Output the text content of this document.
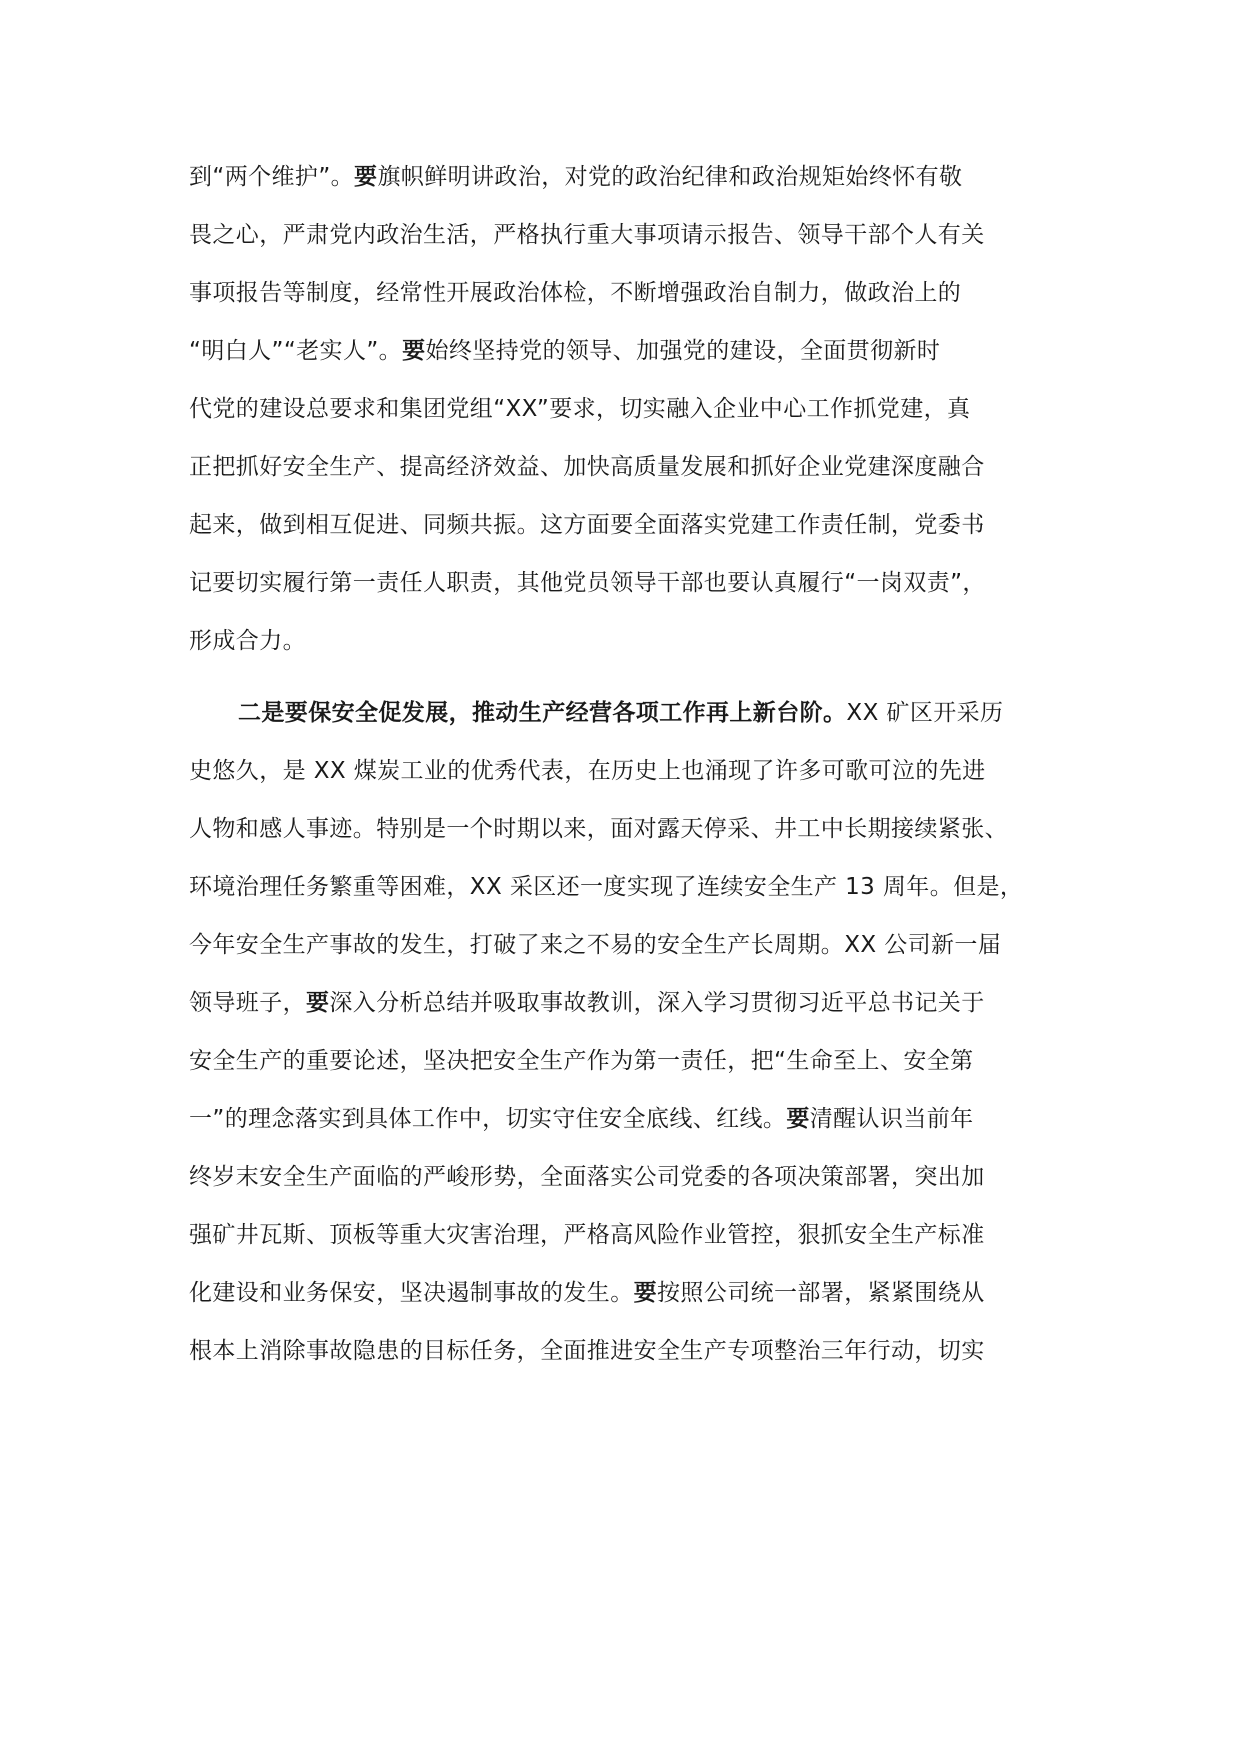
到“两个维护”。要旗帜鲜明讲政治，对党的政治纪律和政治规矩始终怀有敬
畏之心，严肃党内政治生活，严格执行重大事项请示报告、领导干部个人有关
事项报告等制度，经常性开展政治体检，不断增强政治自制力，做政治上的
“明白人”“老实人”。要始终坚持党的领导、加强党的建设，全面贯彻新时
代党的建设总要求和集团党组“XX”要求，切实融入企业中心工作抓党建，真
正把抓好安全生产、提高经济效益、加快高质量发展和抓好企业党建深度融合
起来，做到相互促进、同频共振。这方面要全面落实党建工作责任制，党委书
记要切实履行第一责任人职责，其他党员领导干部也要认真履行“一岗双责”，
形成合力。
二是要保安全促发展，推动生产经营各项工作再上新台阶。XX 矿区开采历
史悠久，是 XX 煤炭工业的优秀代表，在历史上也涌现了许多可歌可泣的先进
人物和感人事迹。特别是一个时期以来，面对露天停采、井工中长期接续紧张、
环境治理任务繁重等困难，XX 采区还一度实现了连续安全生产 13 周年。但是，
今年安全生产事故的发生，打破了来之不易的安全生产长周期。XX 公司新一届
领导班子，要深入分析总结并吸取事故教训，深入学习贯彻习近平总书记关于
安全生产的重要论述，坚决把安全生产作为第一责任，把“生命至上、安全第
一”的理念落实到具体工作中，切实守住安全底线、红线。要清醒认识当前年
终岁末安全生产面临的严峻形势，全面落实公司党委的各项决策部署，突出加
强矿井瓦斯、顶板等重大灾害治理，严格高风险作业管控，狠抓安全生产标准
化建设和业务保安，坚决遏制事故的发生。要按照公司统一部署，紧紧围绕从
根本上消除事故隐患的目标任务，全面推进安全生产专项整治三年行动，切实
